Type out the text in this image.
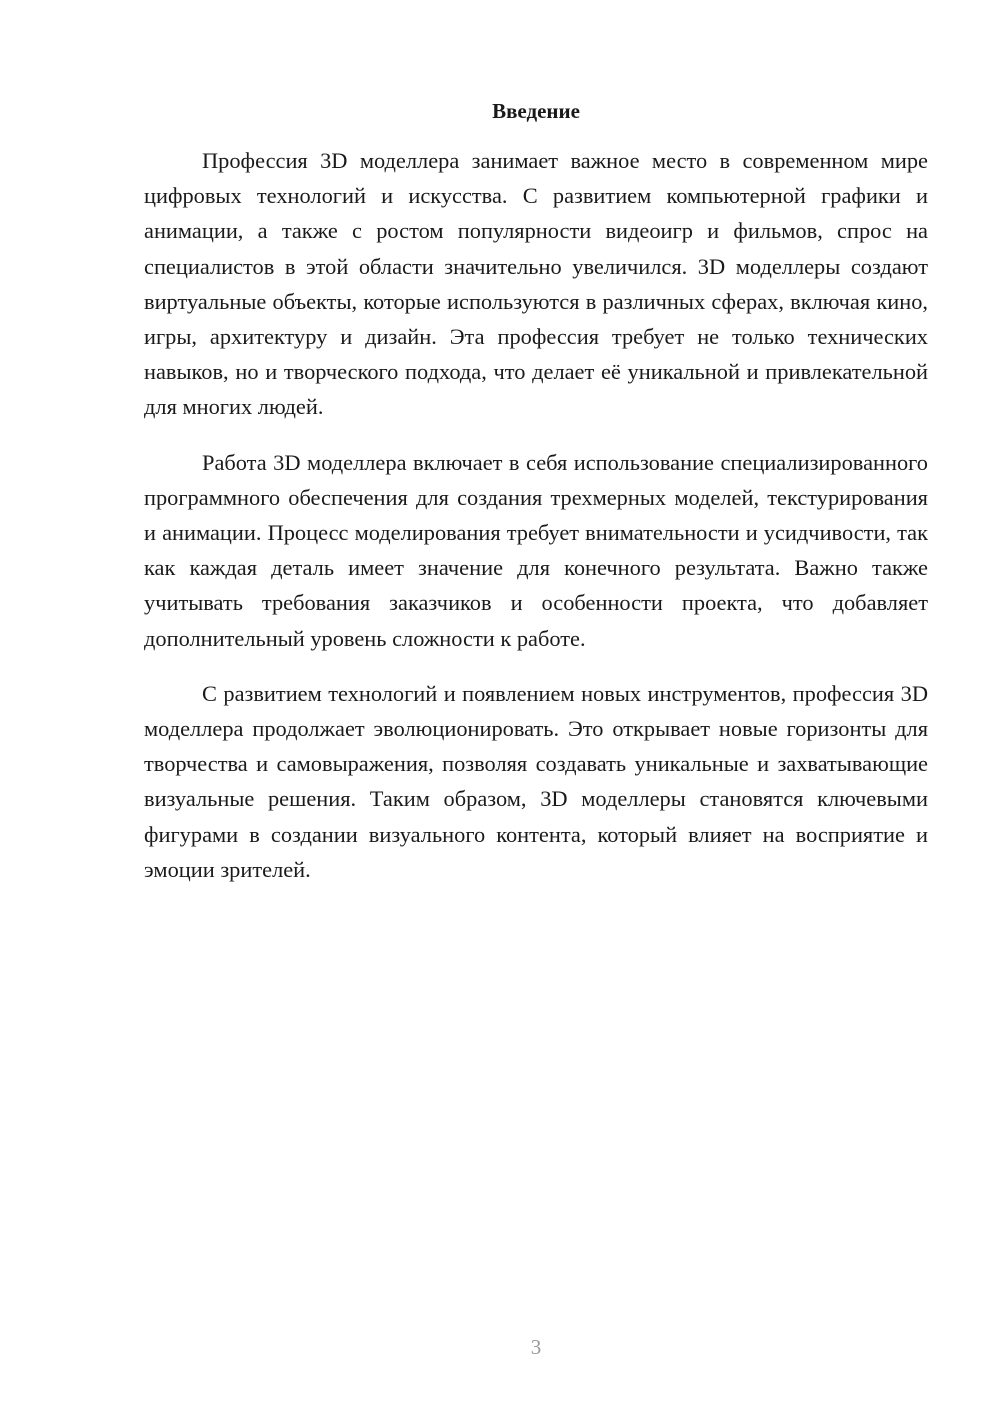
Введение

Профессия 3D моделлера занимает важное место в современном мире цифровых технологий и искусства. С развитием компьютерной графики и анимации, а также с ростом популярности видеоигр и фильмов, спрос на специалистов в этой области значительно увеличился. 3D моделлеры создают виртуальные объекты, которые используются в различных сферах, включая кино, игры, архитектуру и дизайн. Эта профессия требует не только технических навыков, но и творческого подхода, что делает её уникальной и привлекательной для многих людей.

Работа 3D моделлера включает в себя использование специализированного программного обеспечения для создания трехмерных моделей, текстурирования и анимации. Процесс моделирования требует внимательности и усидчивости, так как каждая деталь имеет значение для конечного результата. Важно также учитывать требования заказчиков и особенности проекта, что добавляет дополнительный уровень сложности к работе.

С развитием технологий и появлением новых инструментов, профессия 3D моделлера продолжает эволюционировать. Это открывает новые горизонты для творчества и самовыражения, позволяя создавать уникальные и захватывающие визуальные решения. Таким образом, 3D моделлеры становятся ключевыми фигурами в создании визуального контента, который влияет на восприятие и эмоции зрителей.

3
